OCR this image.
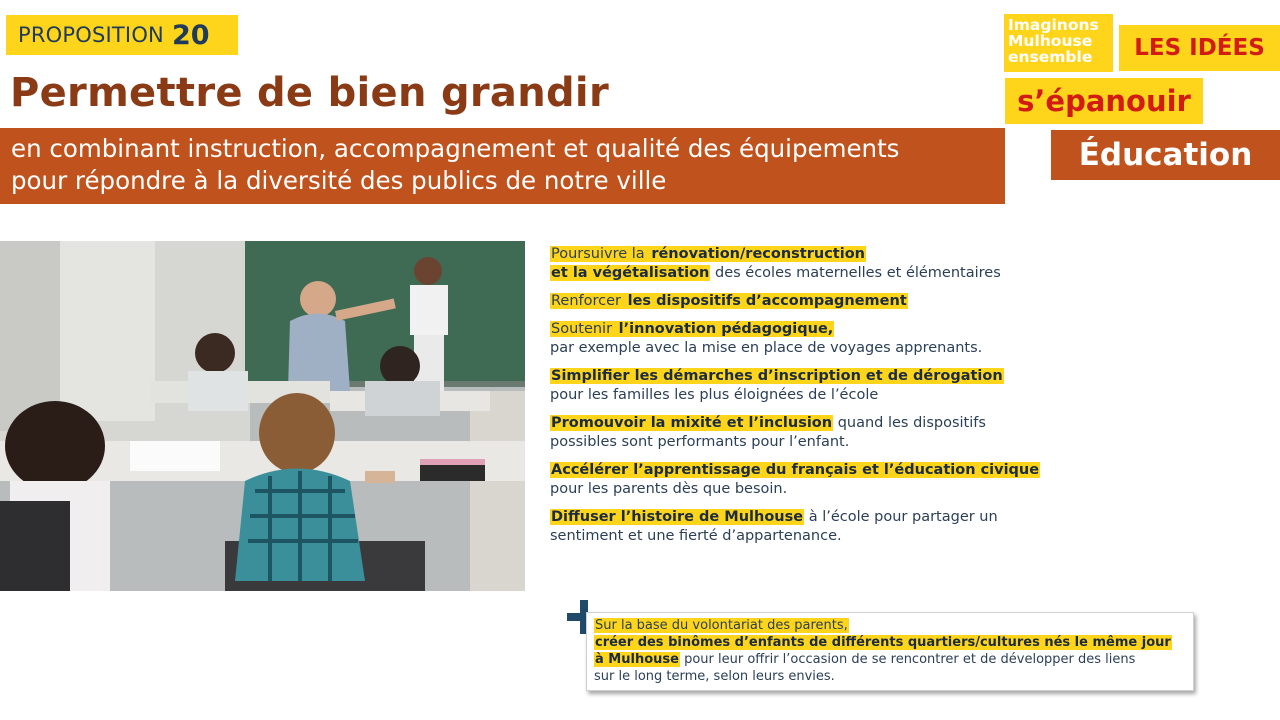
PROPOSITION 20
Permettre de bien grandir
en combinant instruction, accompagnement et qualité des équipements
pour répondre à la diversité des publics de notre ville
Imaginons
Mulhouse
ensemble	LES IDÉES
s’épanouir
Éducation
Poursuivre la rénovation/reconstruction
et la végétalisation des écoles maternelles et élémentaires
Renforcer les dispositifs d’accompagnement
Soutenir l’innovation pédagogique,
par exemple avec la mise en place de voyages apprenants.
Simplifier les démarches d’inscription et de dérogation
pour les familles les plus éloignées de l’école
Promouvoir la mixité et l’inclusion quand les dispositifs
possibles sont performants pour l’enfant.
Accélérer l’apprentissage du français et l’éducation civique
pour les parents dès que besoin.
Diffuser l’histoire de Mulhouse à l’école pour partager un
sentiment et une fierté d’appartenance.
Sur la base du volontariat des parents,
créer des binômes d’enfants de différents quartiers/cultures nés le même jour
à Mulhouse pour leur offrir l’occasion de se rencontrer et de développer des liens
sur le long terme, selon leurs envies.
